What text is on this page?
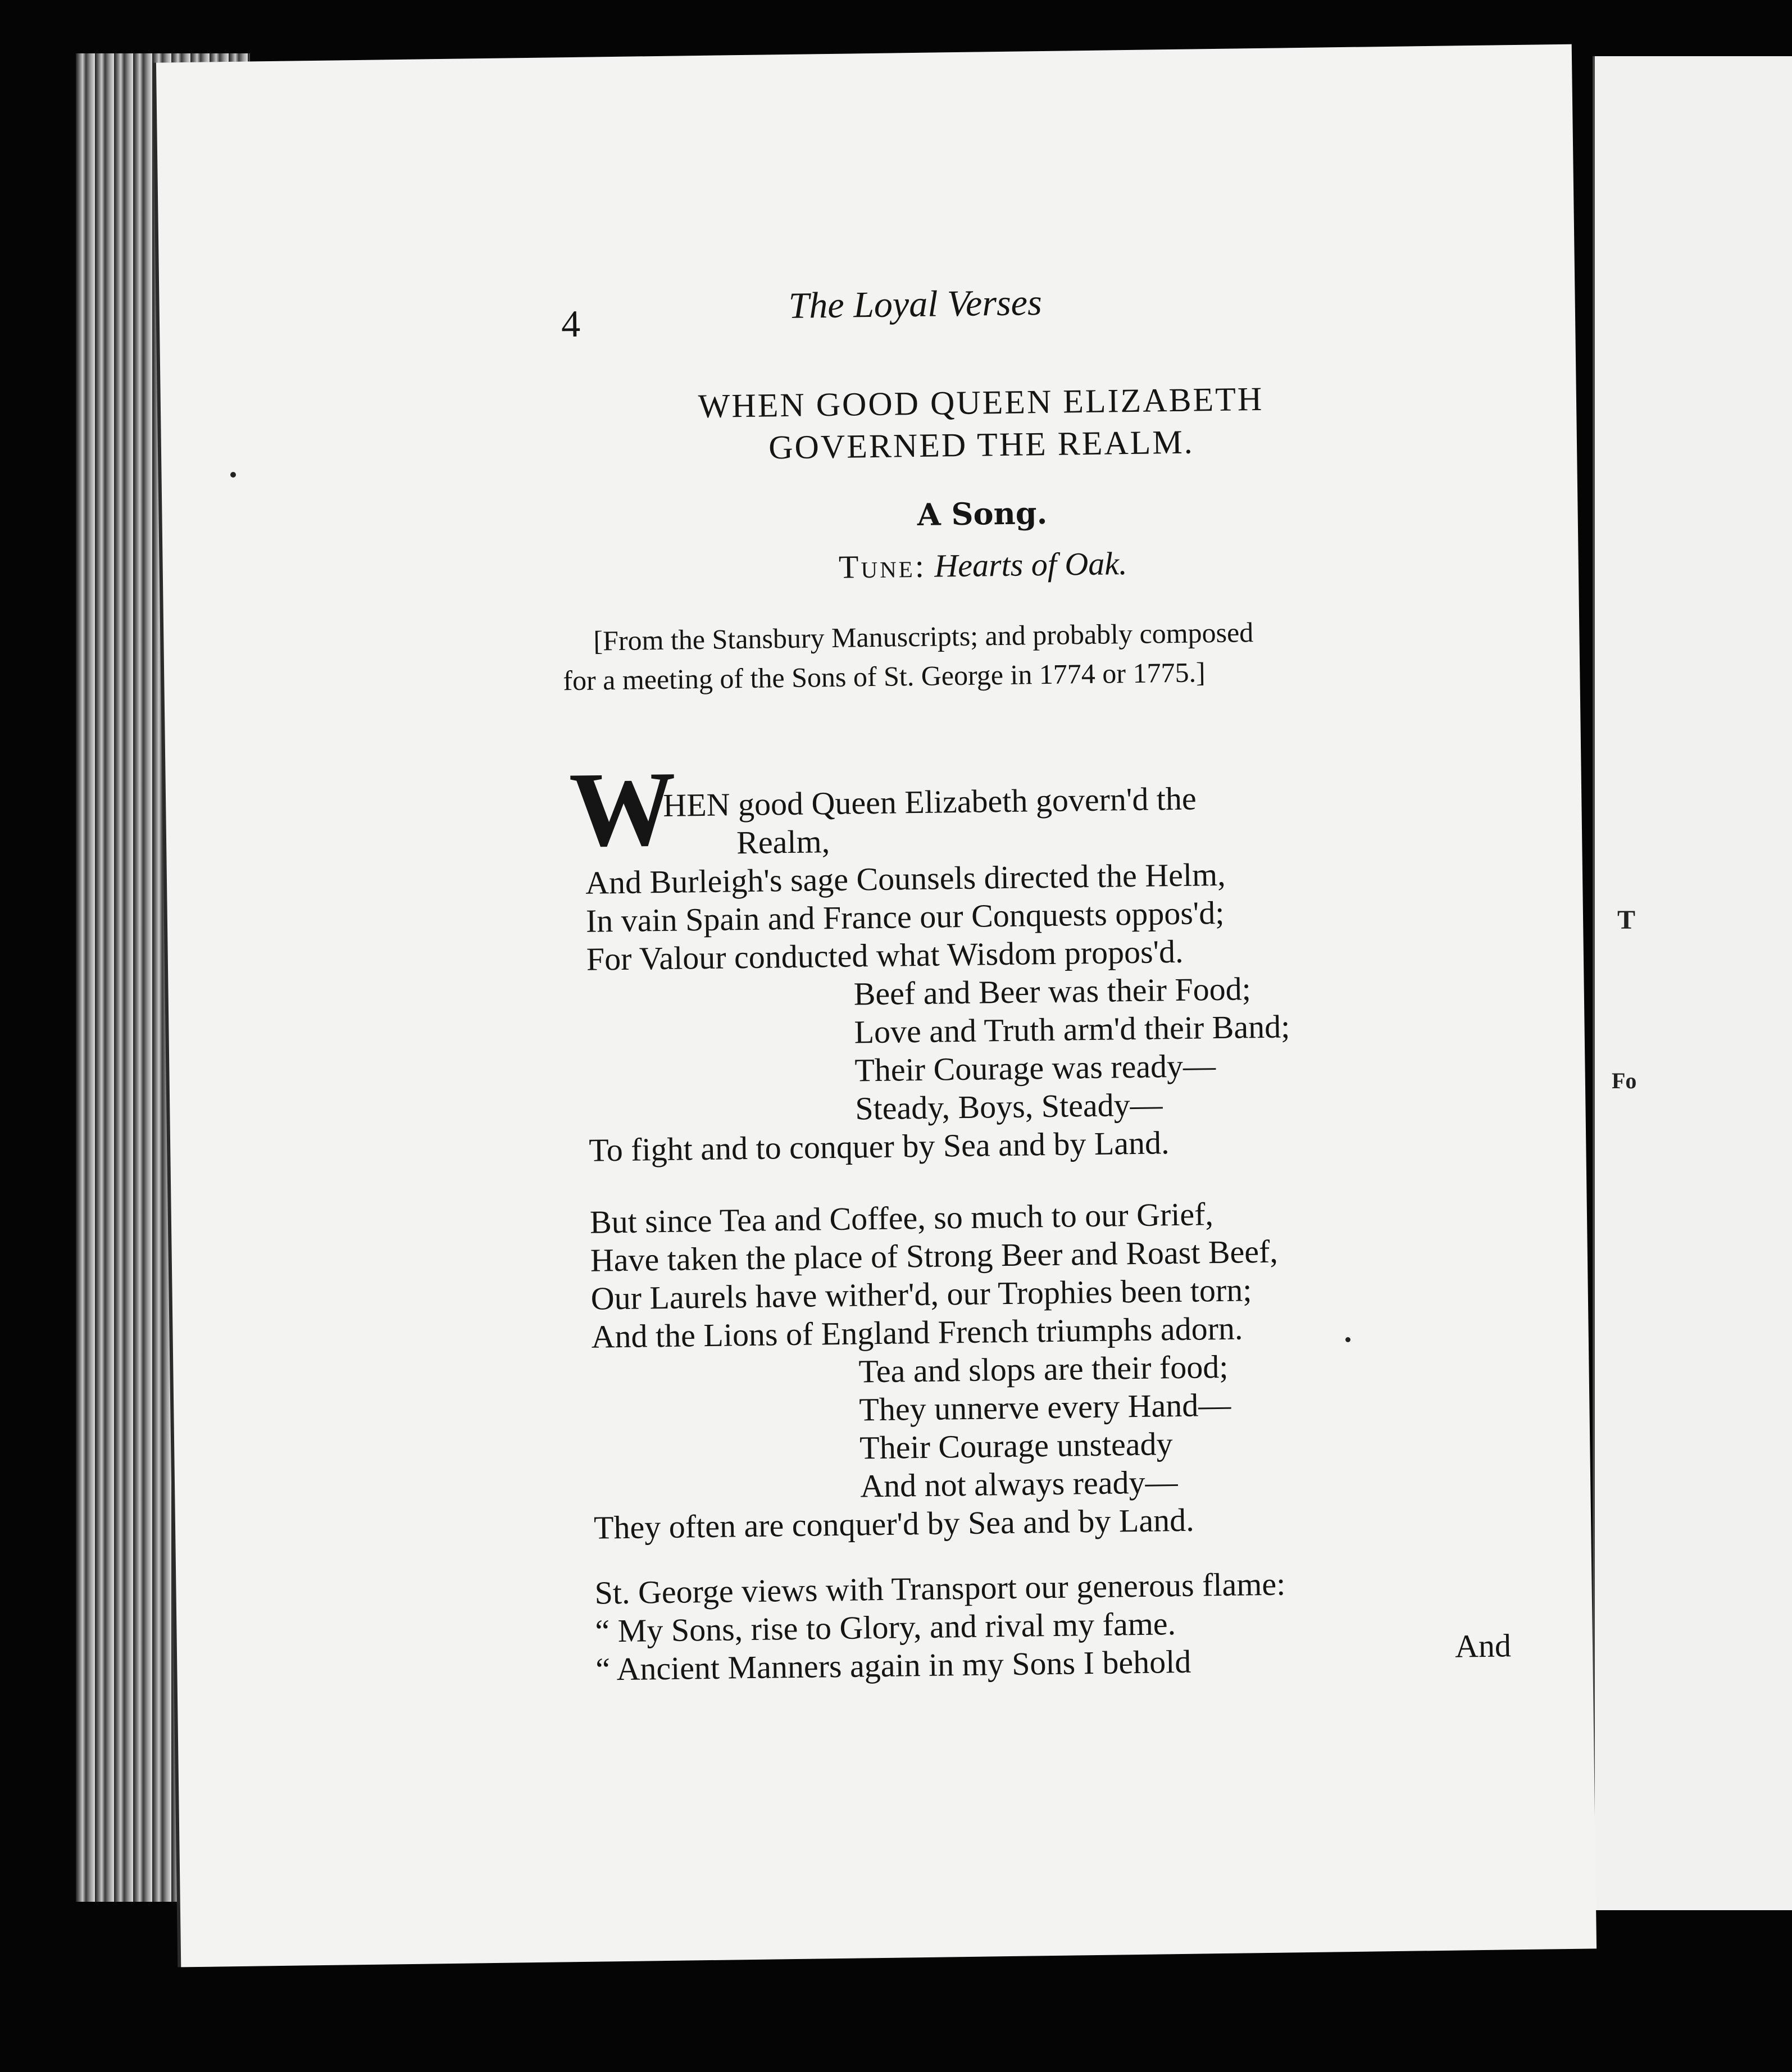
T
Fo
4	The Loyal Verses
WHEN GOOD QUEEN ELIZABETH
GOVERNED THE REALM.
A Song.
Tune: Hearts of Oak.
[From the Stansbury Manuscripts; and probably composed
for a meeting of the Sons of St. George in 1774 or 1775.]
W
HEN good Queen Elizabeth govern'd the
Realm,
And Burleigh's sage Counsels directed the Helm,
In vain Spain and France our Conquests oppos'd;
For Valour conducted what Wisdom propos'd.
Beef and Beer was their Food;
Love and Truth arm'd their Band;
Their Courage was ready—
Steady, Boys, Steady—
To fight and to conquer by Sea and by Land.
But since Tea and Coffee, so much to our Grief,
Have taken the place of Strong Beer and Roast Beef,
Our Laurels have wither'd, our Trophies been torn;
And the Lions of England French triumphs adorn.
Tea and slops are their food;
They unnerve every Hand—
Their Courage unsteady
And not always ready—
They often are conquer'd by Sea and by Land.
St. George views with Transport our generous flame:
“ My Sons, rise to Glory, and rival my fame.
“ Ancient Manners again in my Sons I behold	And
